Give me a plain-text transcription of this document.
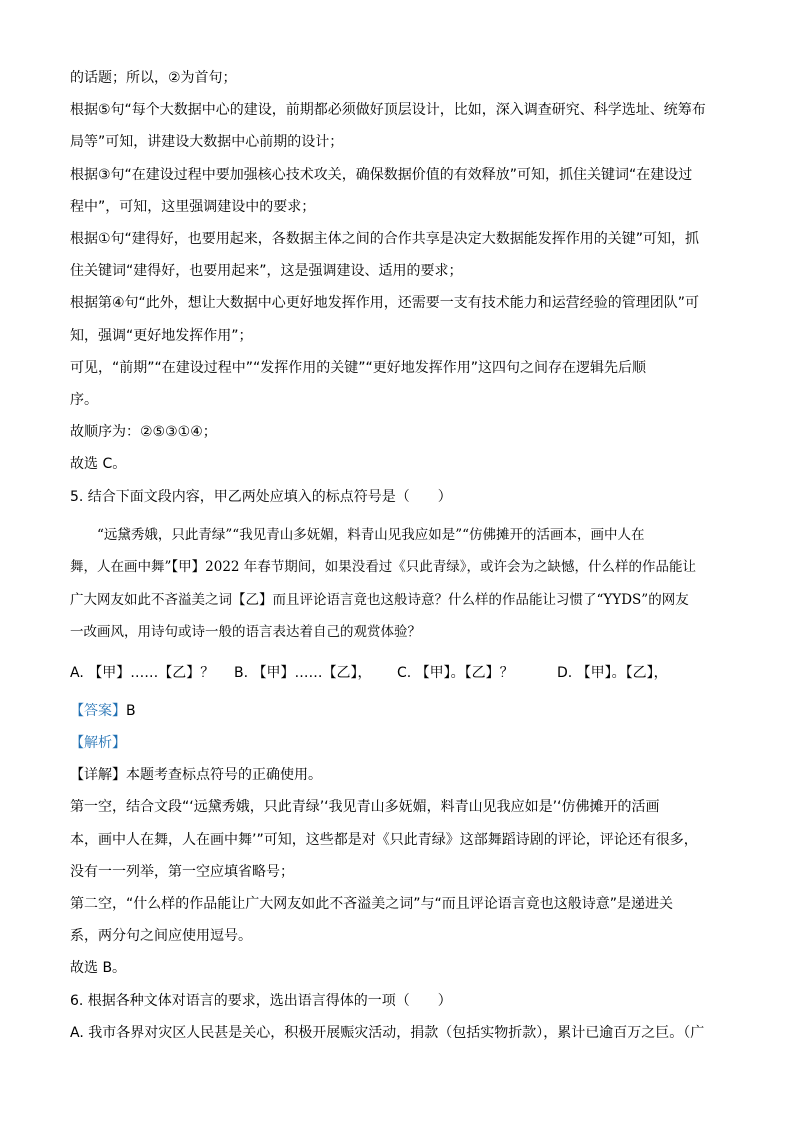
的话题；所以，②为首句；
根据⑤句“每个大数据中心的建设，前期都必须做好顶层设计，比如，深入调查研究、科学选址、统筹布
局等”可知，讲建设大数据中心前期的设计；
根据③句“在建设过程中要加强核心技术攻关，确保数据价值的有效释放”可知，抓住关键词“在建设过
程中”，可知，这里强调建设中的要求；
根据①句“建得好，也要用起来，各数据主体之间的合作共享是决定大数据能发挥作用的关键”可知，抓
住关键词“建得好，也要用起来”，这是强调建设、适用的要求；
根据第④句“此外，想让大数据中心更好地发挥作用，还需要一支有技术能力和运营经验的管理团队”可
知，强调“更好地发挥作用”；
可见，“前期”“在建设过程中”“发挥作用的关键”“更好地发挥作用”这四句之间存在逻辑先后顺
序。
故顺序为：②⑤③①④；
故选 C。
5. 结合下面文段内容，甲乙两处应填入的标点符号是（　　）
“远黛秀娥，只此青绿”“我见青山多妩媚，料青山见我应如是”“仿佛摊开的活画本，画中人在
舞，人在画中舞”【甲】2022 年春节期间，如果没看过《只此青绿》，或许会为之缺憾，什么样的作品能让
广大网友如此不吝溢美之词【乙】而且评论语言竟也这般诗意？什么样的作品能让习惯了“YYDS”的网友
一改画风，用诗句或诗一般的语言表达着自己的观赏体验？
A. 【甲】……【乙】？	B. 【甲】……【乙】，	C. 【甲】。【乙】？	D. 【甲】。【乙】，
【答案】B
【解析】
【详解】本题考查标点符号的正确使用。
第一空，结合文段“‘远黛秀娥，只此青绿’‘我见青山多妩媚，料青山见我应如是’‘仿佛摊开的活画
本，画中人在舞，人在画中舞’”可知，这些都是对《只此青绿》这部舞蹈诗剧的评论，评论还有很多，
没有一一列举，第一空应填省略号；
第二空，“什么样的作品能让广大网友如此不吝溢美之词”与“而且评论语言竟也这般诗意”是递进关
系，两分句之间应使用逗号。
故选 B。
6. 根据各种文体对语言的要求，选出语言得体的一项（　　）
A. 我市各界对灾区人民甚是关心，积极开展赈灾活动，捐款（包括实物折款），累计已逾百万之巨。（广
